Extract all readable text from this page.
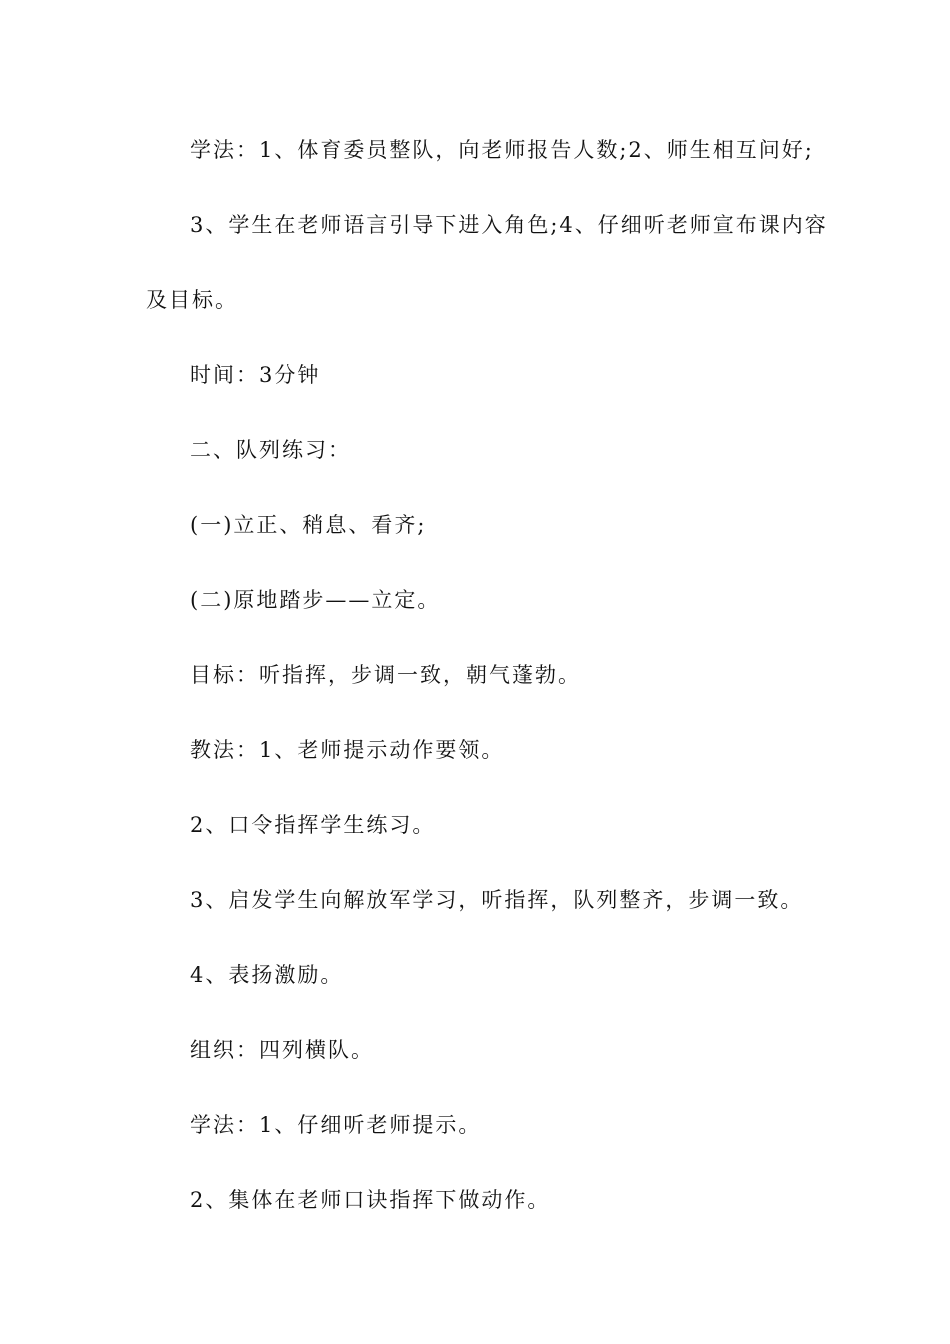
学法：1、体育委员整队，向老师报告人数;2、师生相互问好;
3、学生在老师语言引导下进入角色;4、仔细听老师宣布课内容
及目标。
时间：3分钟
二、队列练习：
(一)立正、稍息、看齐;
(二)原地踏步——立定。
目标：听指挥，步调一致，朝气蓬勃。
教法：1、老师提示动作要领。
2、口令指挥学生练习。
3、启发学生向解放军学习，听指挥，队列整齐，步调一致。
4、表扬激励。
组织：四列横队。
学法：1、仔细听老师提示。
2、集体在老师口诀指挥下做动作。
